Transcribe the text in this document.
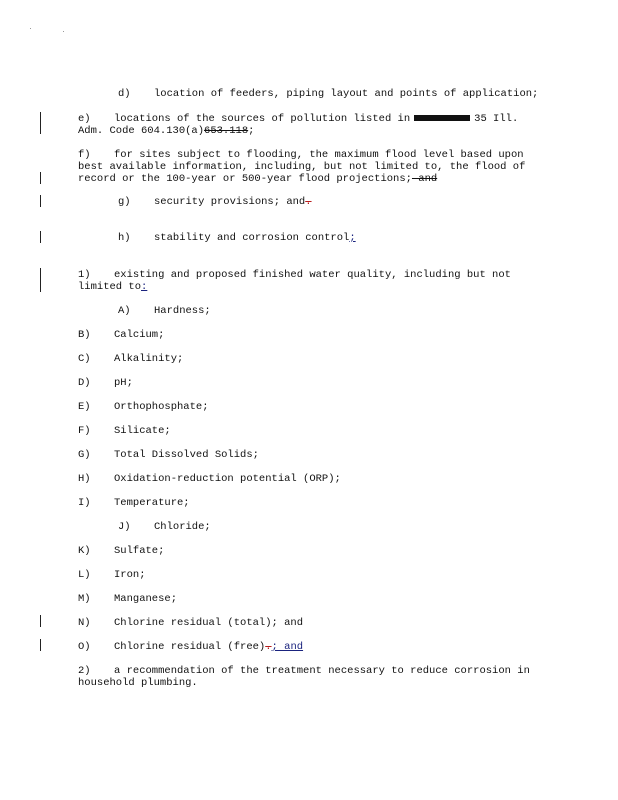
d) location of feeders, piping layout and points of application;
e) locations of the sources of pollution listed in	35 Ill.
Adm. Code 604.130(a)653.118;
f) for sites subject to flooding, the maximum flood level based upon best available information, including, but not limited to, the flood of record or the 100-year or 500-year flood projections; and
g) security provisions; and.
h) stability and corrosion control;
1) existing and proposed finished water quality, including but not limited to:
A) Hardness;
B) Calcium;
C) Alkalinity;
D) pH;
E) Orthophosphate;
F) Silicate;
G) Total Dissolved Solids;
H) Oxidation-reduction potential (ORP);
I) Temperature;
J) Chloride;
K) Sulfate;
L) Iron;
M) Manganese;
N) Chlorine residual (total); and
O) Chlorine residual (free).; and
2) a recommendation of the treatment necessary to reduce corrosion in household plumbing.
